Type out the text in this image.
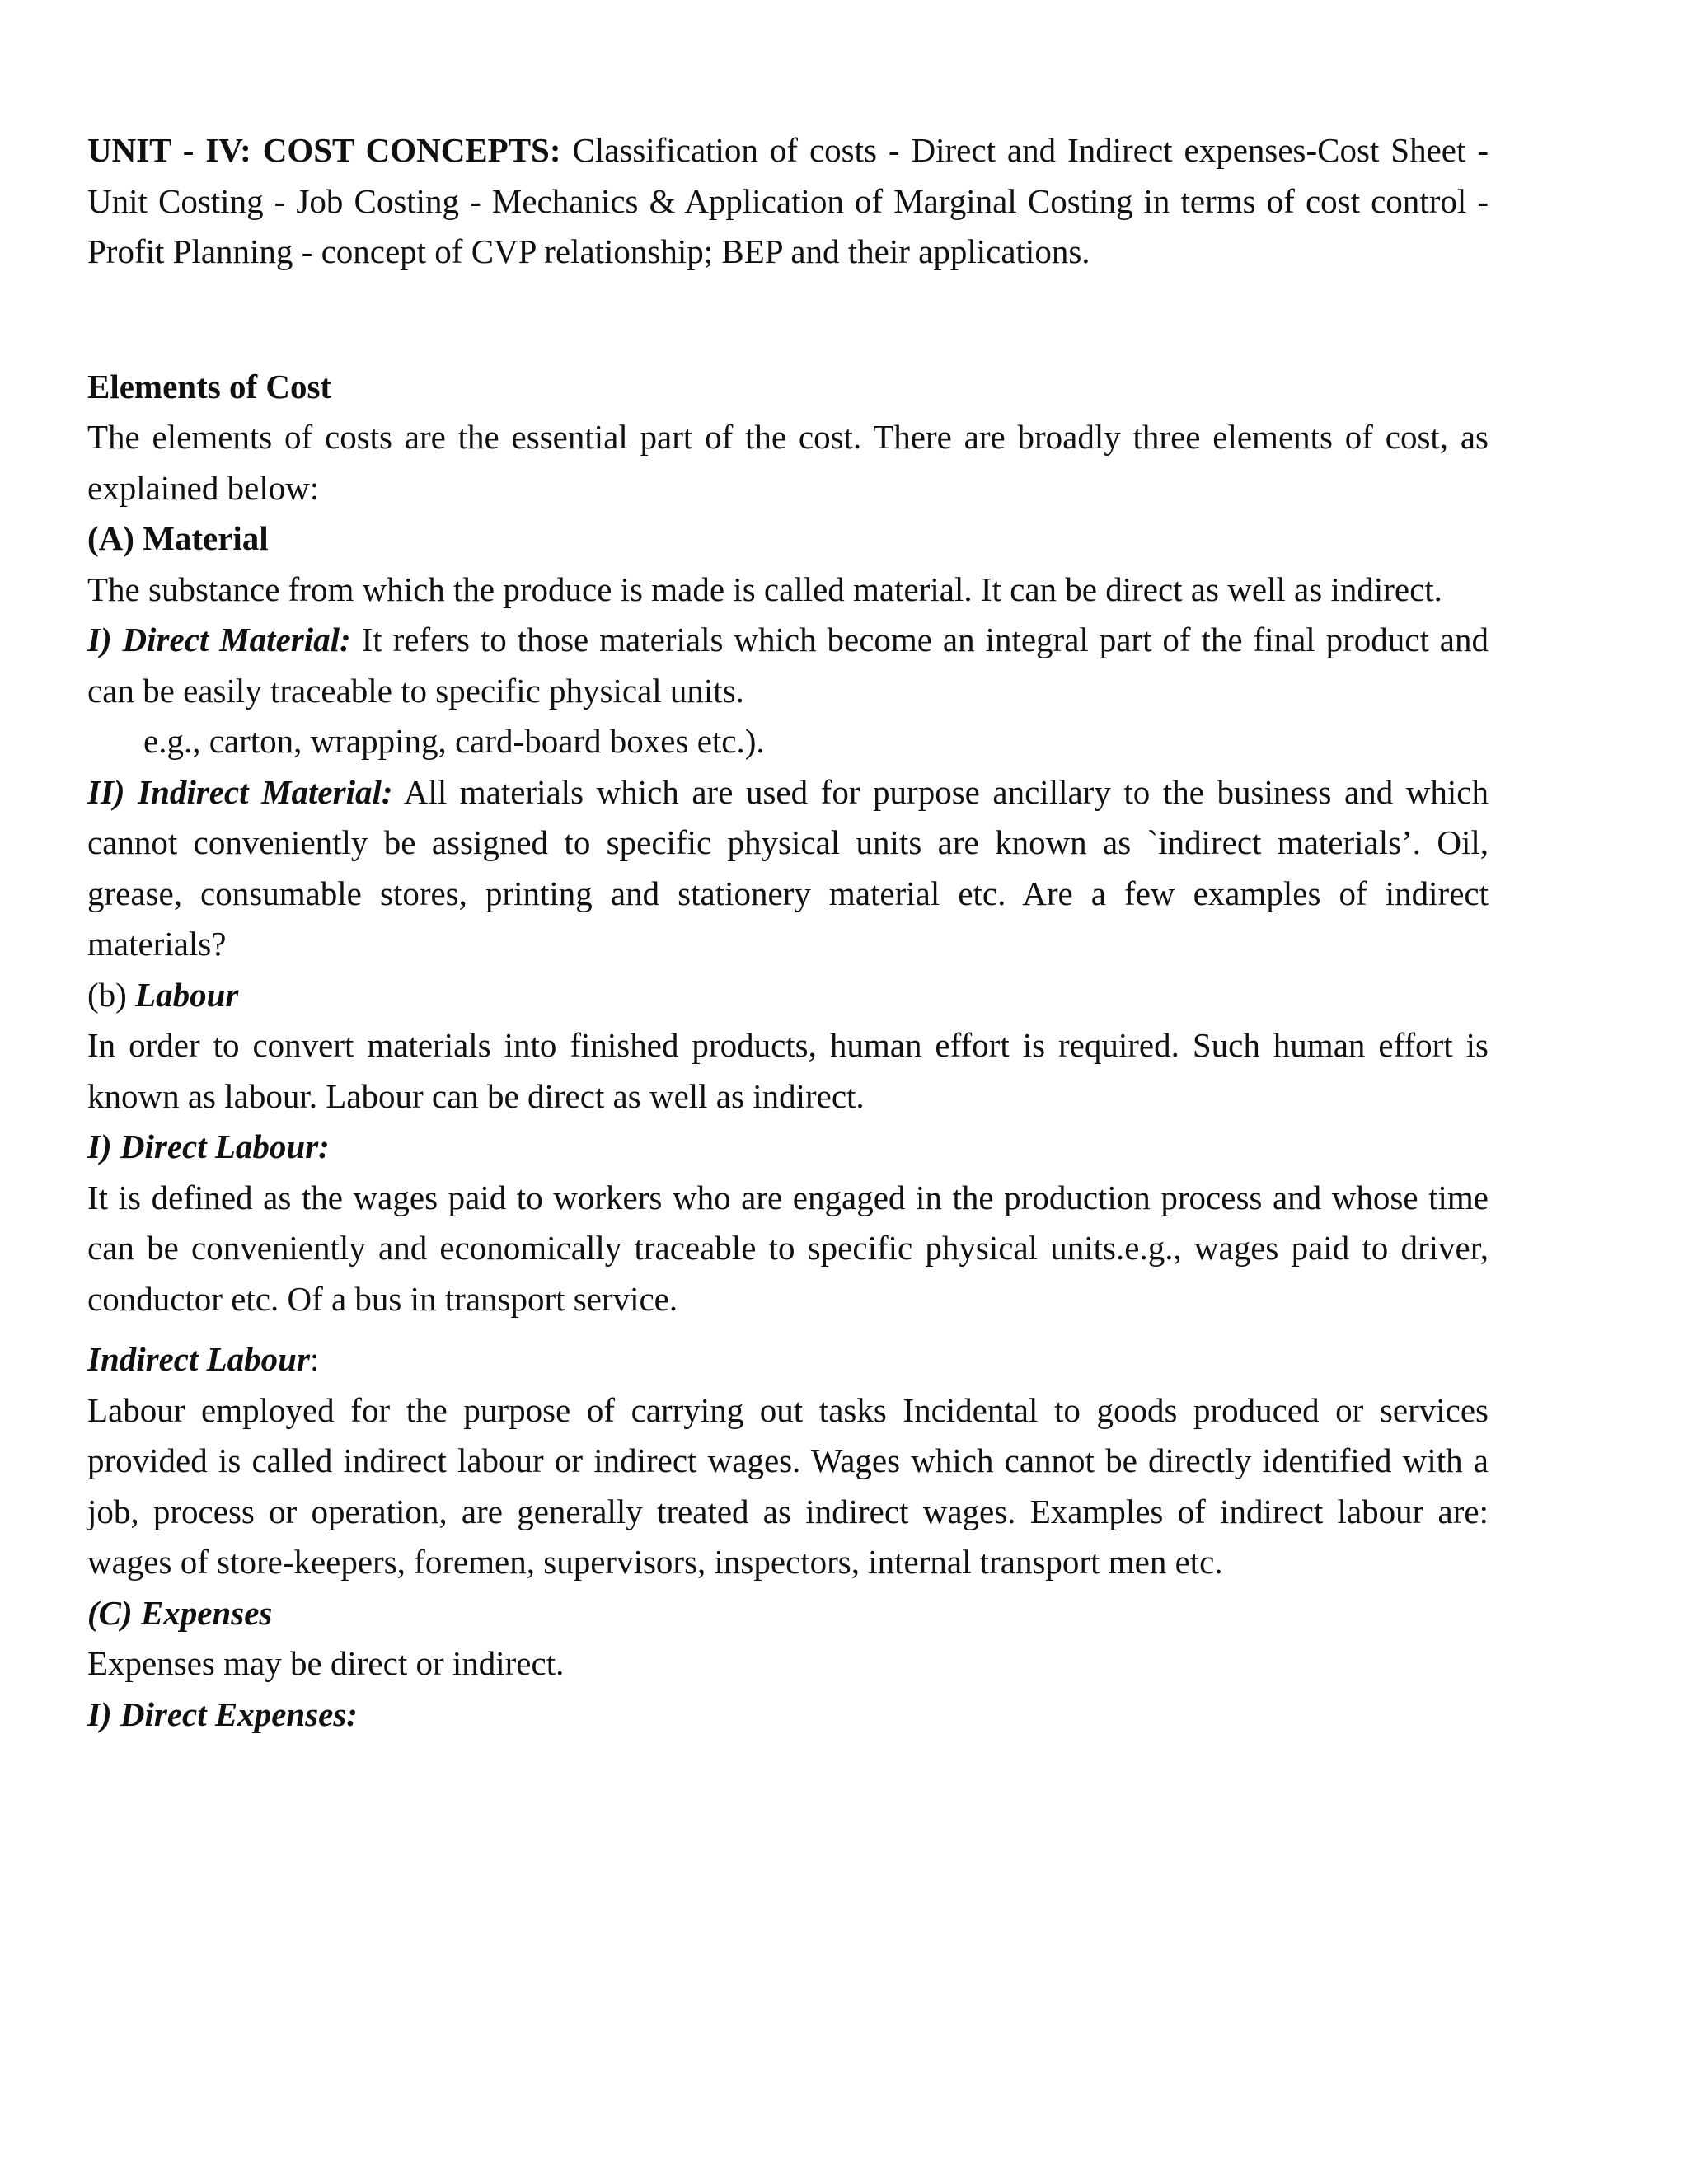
UNIT - IV: COST CONCEPTS: Classification of costs - Direct and Indirect expenses-Cost Sheet - Unit Costing - Job Costing - Mechanics & Application of Marginal Costing in terms of cost control - Profit Planning - concept of CVP relationship; BEP and their applications.

Elements of Cost

The elements of costs are the essential part of the cost. There are broadly three elements of cost, as explained below:

(A) Material

The substance from which the produce is made is called material. It can be direct as well as indirect.

I) Direct Material: It refers to those materials which become an integral part of the final product and can be easily traceable to specific physical units.

e.g., carton, wrapping, card-board boxes etc.).

II) Indirect Material: All materials which are used for purpose ancillary to the business and which cannot conveniently be assigned to specific physical units are known as `indirect materials’. Oil, grease, consumable stores, printing and stationery material etc. Are a few examples of indirect materials?

(b) Labour

In order to convert materials into finished products, human effort is required. Such human effort is known as labour. Labour can be direct as well as indirect.

I) Direct Labour:

It is defined as the wages paid to workers who are engaged in the production process and whose time can be conveniently and economically traceable to specific physical units.e.g., wages paid to driver, conductor etc. Of a bus in transport service.

Indirect Labour:

Labour employed for the purpose of carrying out tasks Incidental to goods produced or services provided is called indirect labour or indirect wages. Wages which cannot be directly identified with a job, process or operation, are generally treated as indirect wages. Examples of indirect labour are: wages of store-keepers, foremen, supervisors, inspectors, internal transport men etc.

(C) Expenses

Expenses may be direct or indirect.

I) Direct Expenses:
